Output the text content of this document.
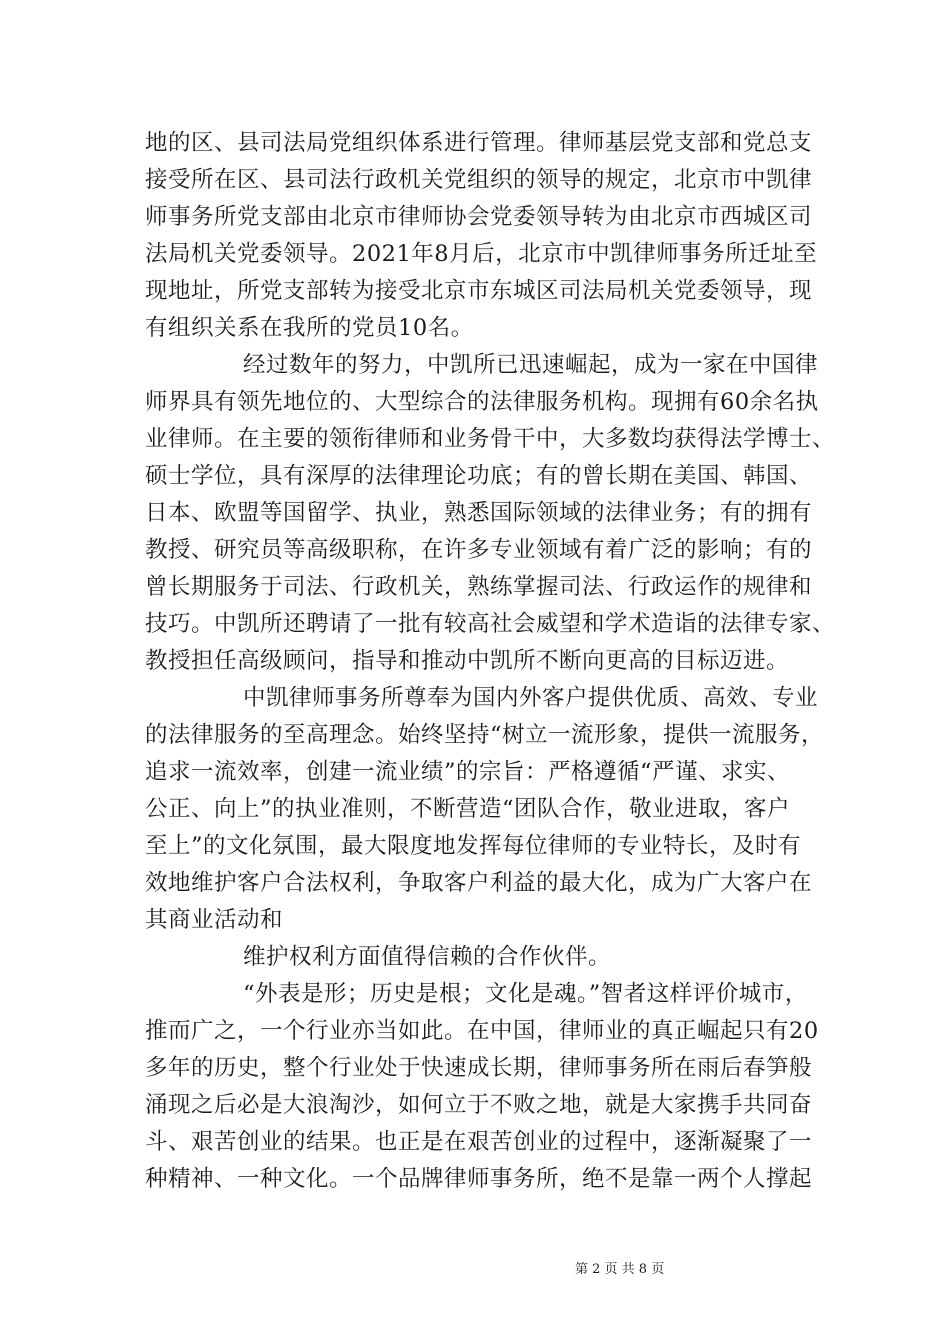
地的区、县司法局党组织体系进行管理。律师基层党支部和党总支
接受所在区、县司法行政机关党组织的领导的规定，北京市中凯律
师事务所党支部由北京市律师协会党委领导转为由北京市西城区司
法局机关党委领导。2021年8月后，北京市中凯律师事务所迁址至
现地址，所党支部转为接受北京市东城区司法局机关党委领导，现
有组织关系在我所的党员10名。
经过数年的努力，中凯所已迅速崛起，成为一家在中国律
师界具有领先地位的、大型综合的法律服务机构。现拥有60余名执
业律师。在主要的领衔律师和业务骨干中，大多数均获得法学博士、
硕士学位，具有深厚的法律理论功底；有的曾长期在美国、韩国、
日本、欧盟等国留学、执业，熟悉国际领域的法律业务；有的拥有
教授、研究员等高级职称，在许多专业领域有着广泛的影响；有的
曾长期服务于司法、行政机关，熟练掌握司法、行政运作的规律和
技巧。中凯所还聘请了一批有较高社会威望和学术造诣的法律专家、
教授担任高级顾问，指导和推动中凯所不断向更高的目标迈进。
中凯律师事务所尊奉为国内外客户提供优质、高效、专业
的法律服务的至高理念。始终坚持“树立一流形象，提供一流服务，
追求一流效率，创建一流业绩”的宗旨：严格遵循“严谨、求实、
公正、向上”的执业准则，不断营造“团队合作，敬业进取，客户
至上”的文化氛围，最大限度地发挥每位律师的专业特长，及时有
效地维护客户合法权利，争取客户利益的最大化，成为广大客户在
其商业活动和
维护权利方面值得信赖的合作伙伴。
“外表是形；历史是根；文化是魂。”智者这样评价城市，
推而广之，一个行业亦当如此。在中国，律师业的真正崛起只有20
多年的历史，整个行业处于快速成长期，律师事务所在雨后春笋般
涌现之后必是大浪淘沙，如何立于不败之地，就是大家携手共同奋
斗、艰苦创业的结果。也正是在艰苦创业的过程中，逐渐凝聚了一
种精神、一种文化。一个品牌律师事务所，绝不是靠一两个人撑起
第 2 页 共 8 页
